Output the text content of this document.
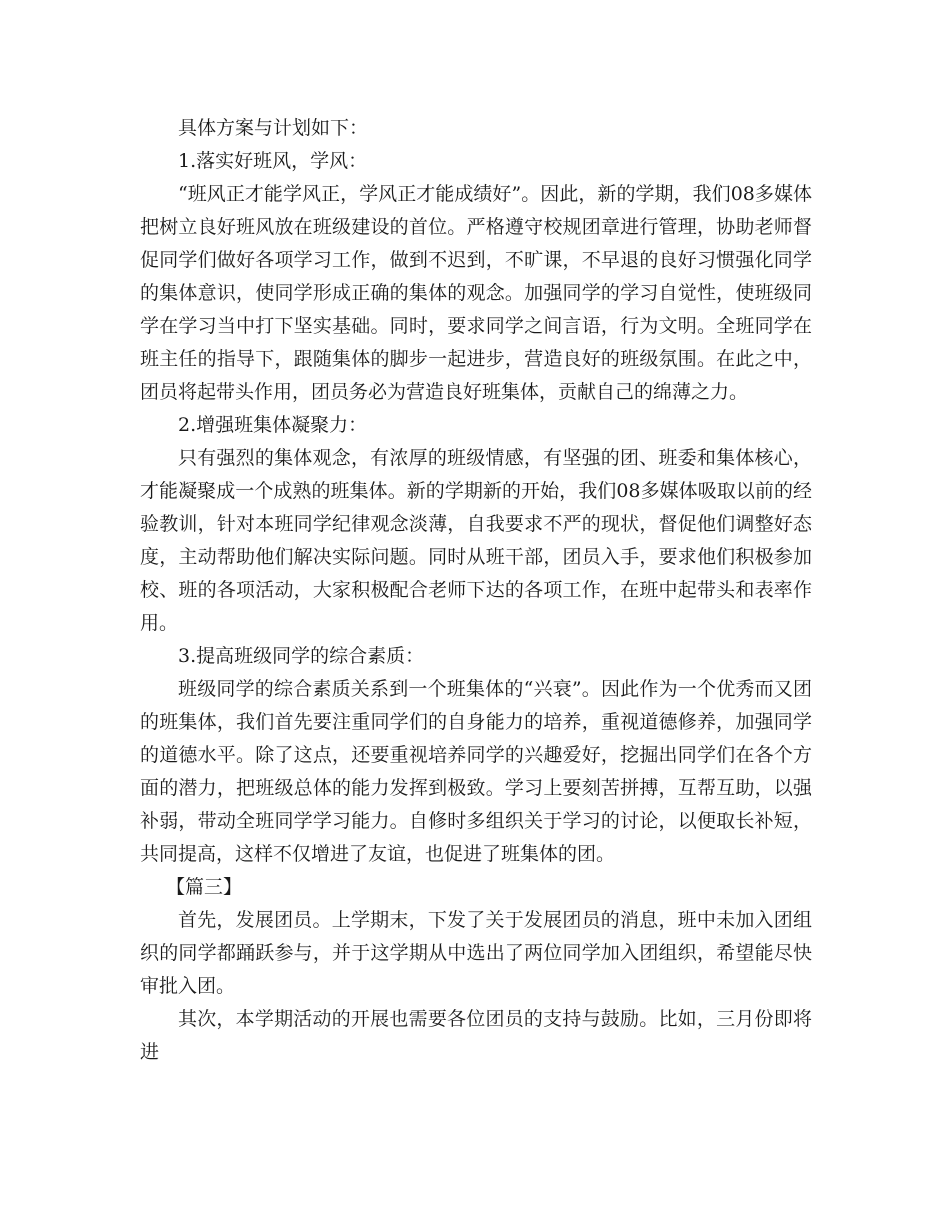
具体方案与计划如下：

1.落实好班风，学风：

“班风正才能学风正，学风正才能成绩好”。因此，新的学期，我们08多媒体把树立良好班风放在班级建设的首位。严格遵守校规团章进行管理，协助老师督促同学们做好各项学习工作，做到不迟到，不旷课，不早退的良好习惯强化同学的集体意识，使同学形成正确的集体的观念。加强同学的学习自觉性，使班级同学在学习当中打下坚实基础。同时，要求同学之间言语，行为文明。全班同学在班主任的指导下，跟随集体的脚步一起进步，营造良好的班级氛围。在此之中，团员将起带头作用，团员务必为营造良好班集体，贡献自己的绵薄之力。

2.增强班集体凝聚力：

只有强烈的集体观念，有浓厚的班级情感，有坚强的团、班委和集体核心，才能凝聚成一个成熟的班集体。新的学期新的开始，我们08多媒体吸取以前的经验教训，针对本班同学纪律观念淡薄，自我要求不严的现状，督促他们调整好态度，主动帮助他们解决实际问题。同时从班干部，团员入手，要求他们积极参加校、班的各项活动，大家积极配合老师下达的各项工作，在班中起带头和表率作用。

3.提高班级同学的综合素质：

班级同学的综合素质关系到一个班集体的“兴衰”。因此作为一个优秀而又团的班集体，我们首先要注重同学们的自身能力的培养，重视道德修养，加强同学的道德水平。除了这点，还要重视培养同学的兴趣爱好，挖掘出同学们在各个方面的潜力，把班级总体的能力发挥到极致。学习上要刻苦拼搏，互帮互助，以强补弱，带动全班同学学习能力。自修时多组织关于学习的讨论，以便取长补短，共同提高，这样不仅增进了友谊，也促进了班集体的团。

【篇三】

首先，发展团员。上学期末，下发了关于发展团员的消息，班中未加入团组织的同学都踊跃参与，并于这学期从中选出了两位同学加入团组织，希望能尽快审批入团。

其次，本学期活动的开展也需要各位团员的支持与鼓励。比如，三月份即将进
